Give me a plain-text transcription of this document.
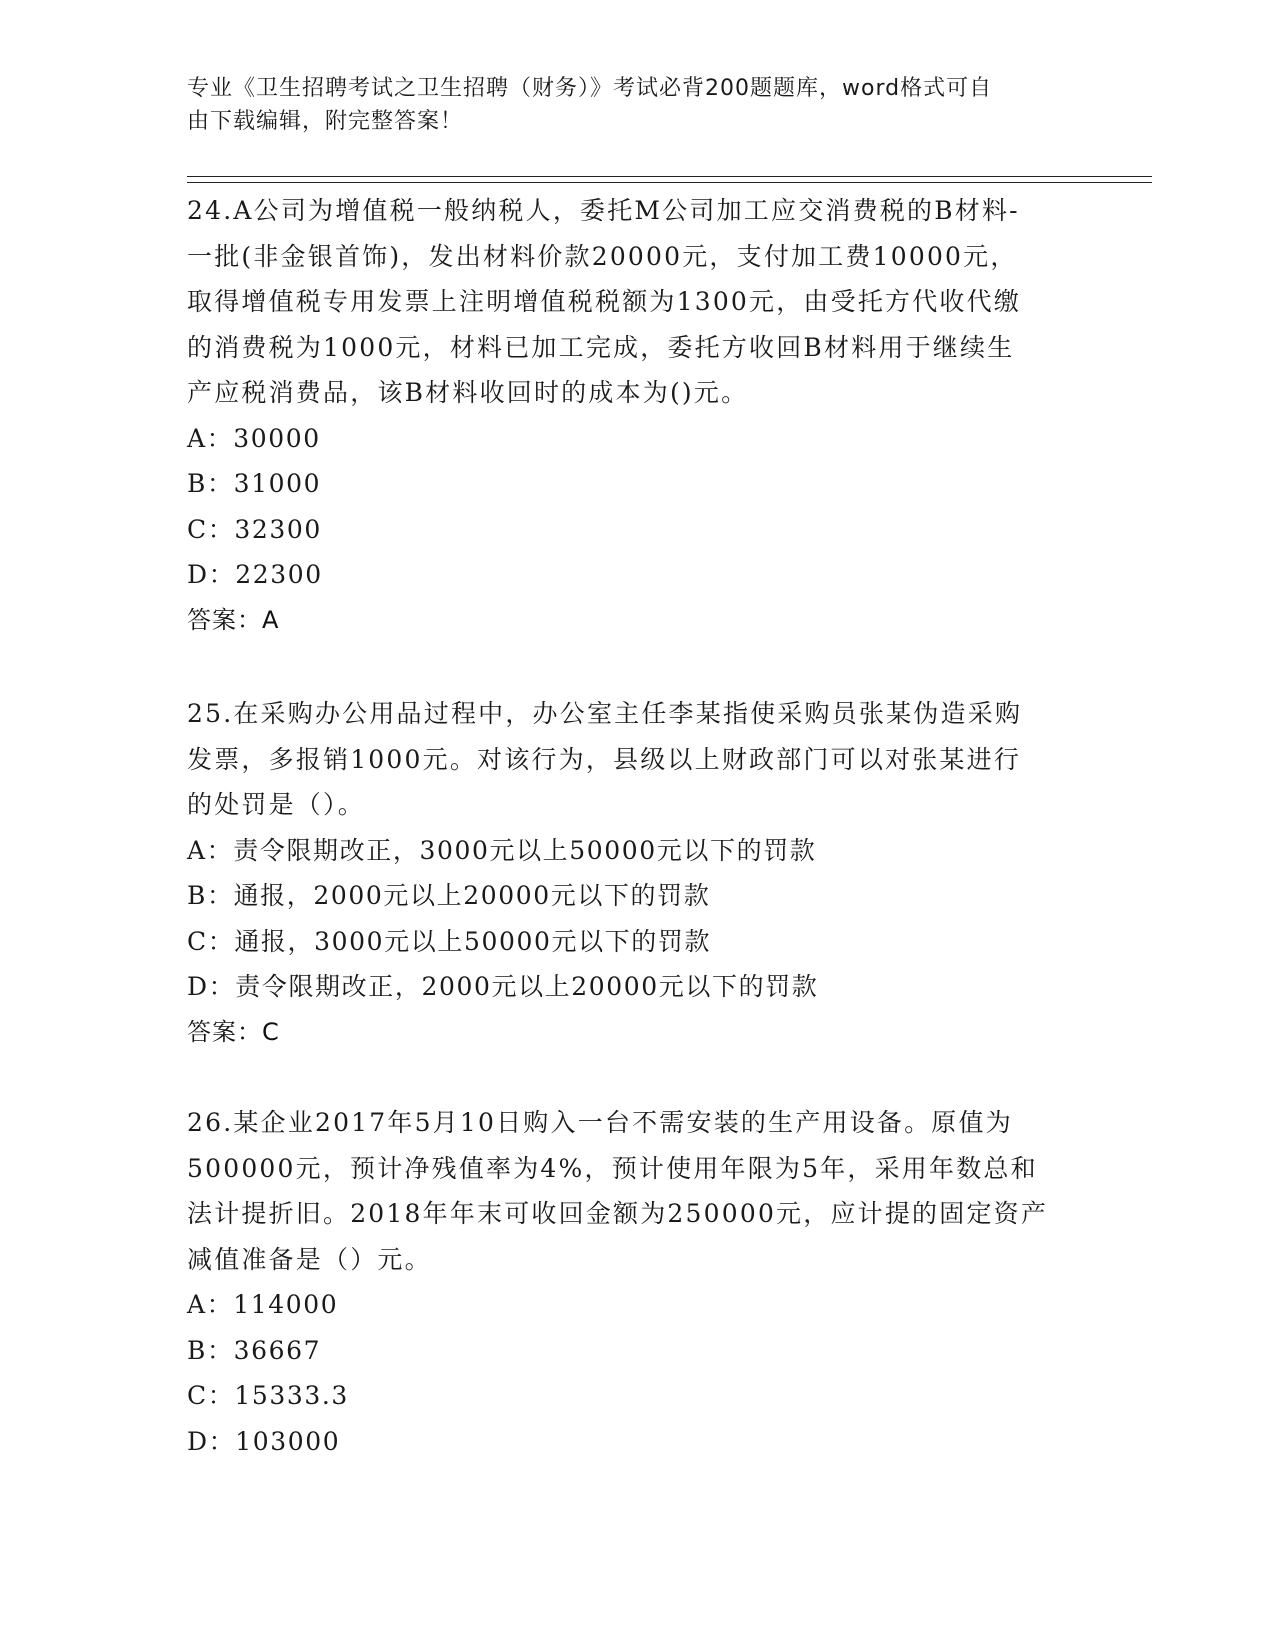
专业《卫生招聘考试之卫生招聘（财务）》考试必背200题题库，word格式可自
由下载编辑，附完整答案！

24.A公司为增值税一般纳税人，委托M公司加工应交消费税的B材料-

一批(非金银首饰)，发出材料价款20000元，支付加工费10000元，

取得增值税专用发票上注明增值税税额为1300元，由受托方代收代缴

的消费税为1000元，材料已加工完成，委托方收回B材料用于继续生

产应税消费品，该B材料收回时的成本为()元。

A：30000

B：31000

C：32300

D：22300

答案：A

25.在采购办公用品过程中，办公室主任李某指使采购员张某伪造采购

发票，多报销1000元。对该行为，县级以上财政部门可以对张某进行

的处罚是（）。

A：责令限期改正，3000元以上50000元以下的罚款

B：通报，2000元以上20000元以下的罚款

C：通报，3000元以上50000元以下的罚款

D：责令限期改正，2000元以上20000元以下的罚款

答案：C

26.某企业2017年5月10日购入一台不需安装的生产用设备。原值为

500000元，预计净残值率为4%，预计使用年限为5年，采用年数总和

法计提折旧。2018年年末可收回金额为250000元，应计提的固定资产

减值准备是（）元。

A：114000

B：36667

C：15333.3

D：103000
